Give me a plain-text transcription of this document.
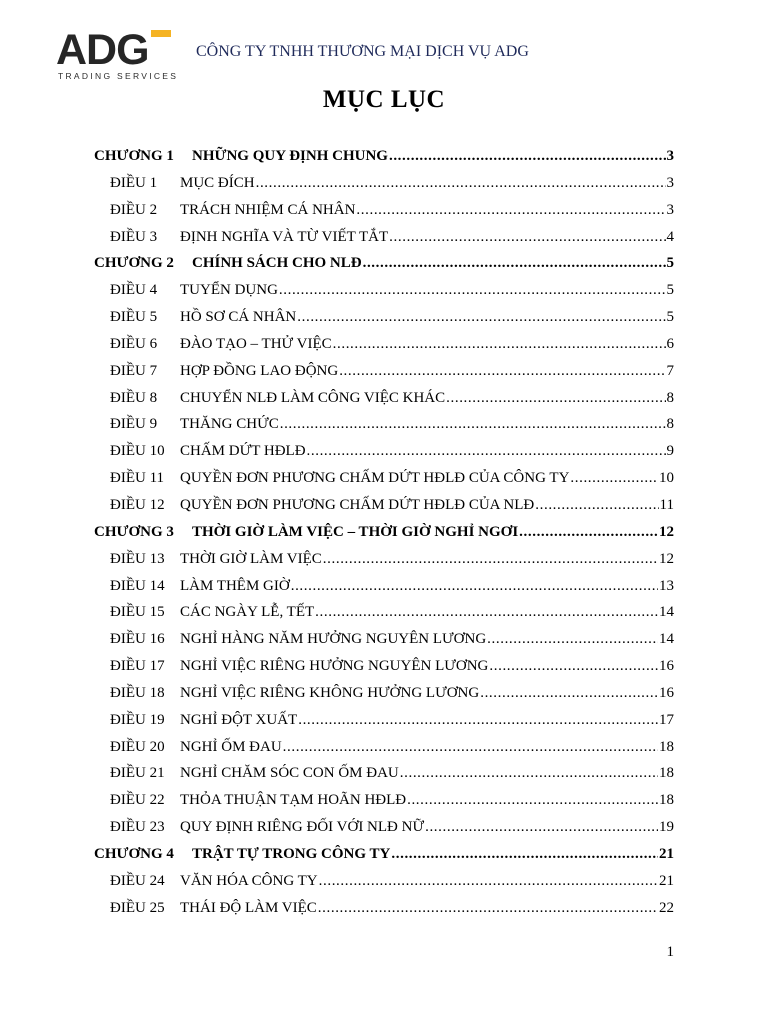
ADG
TRADING SERVICES
CÔNG TY TNHH THƯƠNG MẠI DỊCH VỤ ADG
MỤC LỤC
CHƯƠNG 1	NHỮNG QUY ĐỊNH CHUNG .....	3
ĐIỀU 1	MỤC ĐÍCH .....	3
ĐIỀU 2	TRÁCH NHIỆM CÁ NHÂN .....	3
ĐIỀU 3	ĐỊNH NGHĨA VÀ TỪ VIẾT TẮT .....	4
CHƯƠNG 2	CHÍNH SÁCH CHO NLĐ .....	5
ĐIỀU 4	TUYỂN DỤNG .....	5
ĐIỀU 5	HỒ SƠ CÁ NHÂN .....	5
ĐIỀU 6	ĐÀO TẠO – THỬ VIỆC .....	6
ĐIỀU 7	HỢP ĐỒNG LAO ĐỘNG .....	7
ĐIỀU 8	CHUYỂN NLĐ LÀM CÔNG VIỆC KHÁC .....	8
ĐIỀU 9	THĂNG CHỨC .....	8
ĐIỀU 10	CHẤM DỨT HĐLĐ .....	9
ĐIỀU 11	QUYỀN ĐƠN PHƯƠNG CHẤM DỨT HĐLĐ CỦA CÔNG TY .....	10
ĐIỀU 12	QUYỀN ĐƠN PHƯƠNG CHẤM DỨT HĐLĐ CỦA NLĐ .....	11
CHƯƠNG 3	THỜI GIỜ LÀM VIỆC – THỜI GIỜ NGHỈ NGƠI .....	12
ĐIỀU 13	THỜI GIỜ LÀM VIỆC .....	12
ĐIỀU 14	LÀM THÊM GIỜ .....	13
ĐIỀU 15	CÁC NGÀY LỄ, TẾT .....	14
ĐIỀU 16	NGHỈ HÀNG NĂM HƯỞNG NGUYÊN LƯƠNG .....	14
ĐIỀU 17	NGHỈ VIỆC RIÊNG HƯỞNG NGUYÊN LƯƠNG .....	16
ĐIỀU 18	NGHỈ VIỆC RIÊNG KHÔNG HƯỞNG LƯƠNG .....	16
ĐIỀU 19	NGHỈ ĐỘT XUẤT .....	17
ĐIỀU 20	NGHỈ ỐM ĐAU .....	18
ĐIỀU 21	NGHỈ CHĂM SÓC CON ỐM ĐAU .....	18
ĐIỀU 22	THỎA THUẬN TẠM HOÃN HĐLĐ .....	18
ĐIỀU 23	QUY ĐỊNH RIÊNG ĐỐI VỚI NLĐ NỮ .....	19
CHƯƠNG 4	TRẬT TỰ TRONG CÔNG TY .....	21
ĐIỀU 24	VĂN HÓA CÔNG TY .....	21
ĐIỀU 25	THÁI ĐỘ LÀM VIỆC .....	22
1
